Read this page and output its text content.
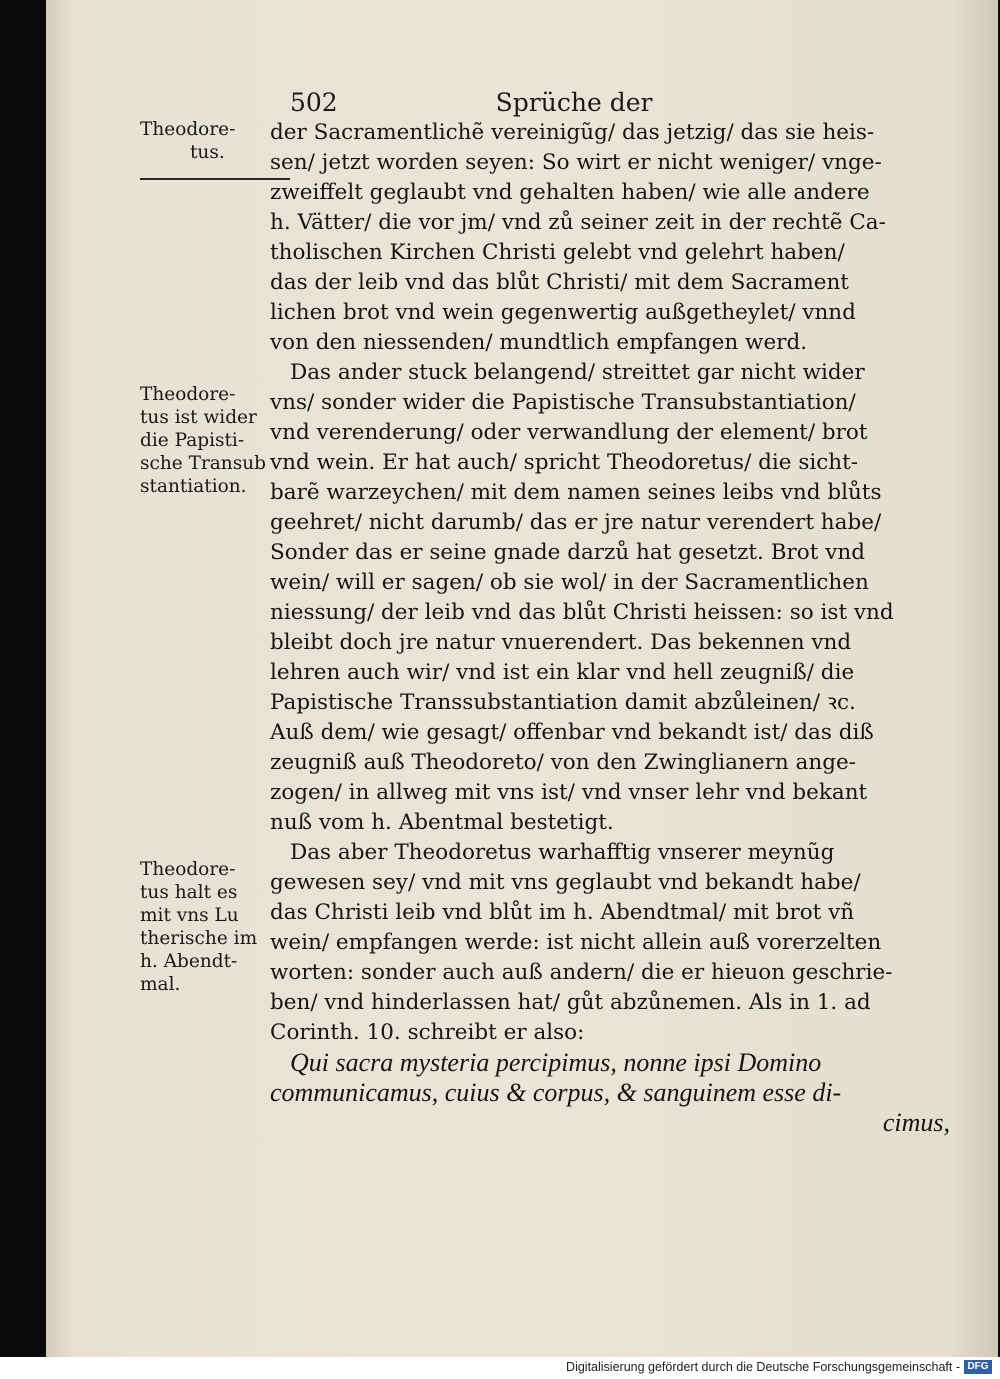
502	Sprüche der
Theodore-
tus.
Theodore-
tus ist wider
die Papisti-
sche Transub
stantiation.
Theodore-
tus halt es
mit vns Lu
therische im
h. Abendt-
mal.
der Sacramentlichẽ vereinigũg/ das jetzig/ das sie heis-
sen/ jetzt worden seyen: So wirt er nicht weniger/ vnge-
zweiffelt geglaubt vnd gehalten haben/ wie alle andere
h. Vätter/ die vor jm/ vnd zů seiner zeit in der rechtẽ Ca-
tholischen Kirchen Christi gelebt vnd gelehrt haben/
das der leib vnd das blůt Christi/ mit dem Sacrament
lichen brot vnd wein gegenwertig außgetheylet/ vnnd
von den niessenden/ mundtlich empfangen werd.
Das ander stuck belangend/ streittet gar nicht wider
vns/ sonder wider die Papistische Transubstantiation/
vnd verenderung/ oder verwandlung der element/ brot
vnd wein. Er hat auch/ spricht Theodoretus/ die sicht-
barẽ warzeychen/ mit dem namen seines leibs vnd blůts
geehret/ nicht darumb/ das er jre natur verendert habe/
Sonder das er seine gnade darzů hat gesetzt. Brot vnd
wein/ will er sagen/ ob sie wol/ in der Sacramentlichen
niessung/ der leib vnd das blůt Christi heissen: so ist vnd
bleibt doch jre natur vnuerendert. Das bekennen vnd
lehren auch wir/ vnd ist ein klar vnd hell zeugniß/ die
Papistische Transsubstantiation damit abzůleinen/ ꝛc.
Auß dem/ wie gesagt/ offenbar vnd bekandt ist/ das diß
zeugniß auß Theodoreto/ von den Zwinglianern ange-
zogen/ in allweg mit vns ist/ vnd vnser lehr vnd bekant
nuß vom h. Abentmal bestetigt.
Das aber Theodoretus warhafftig vnserer meynũg
gewesen sey/ vnd mit vns geglaubt vnd bekandt habe/
das Christi leib vnd blůt im h. Abendtmal/ mit brot vñ
wein/ empfangen werde: ist nicht allein auß vorerzelten
worten: sonder auch auß andern/ die er hieuon geschrie-
ben/ vnd hinderlassen hat/ gůt abzůnemen. Als in 1. ad
Corinth. 10. schreibt er also:
Qui sacra mysteria percipimus, nonne ipsi Domino
communicamus, cuius & corpus, & sanguinem esse di-
cimus,
Digitalisierung gefördert durch die Deutsche Forschungsgemeinschaft - DFG
